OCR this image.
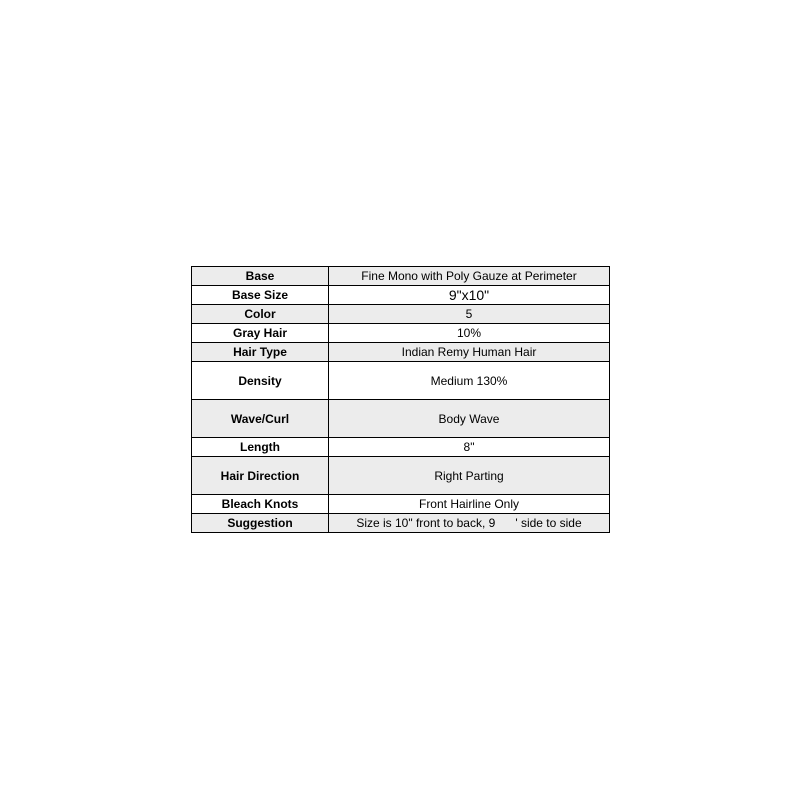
Base	Fine Mono with Poly Gauze at Perimeter
Base Size	9"x10"
Color	5
Gray Hair	10%
Hair Type	Indian Remy Human Hair
Density	Medium 130%
Wave/Curl	Body Wave
Length	8"
Hair Direction	Right Parting
Bleach Knots	Front Hairline Only
Suggestion	Size is 10" front to back, 9      ' side to side
